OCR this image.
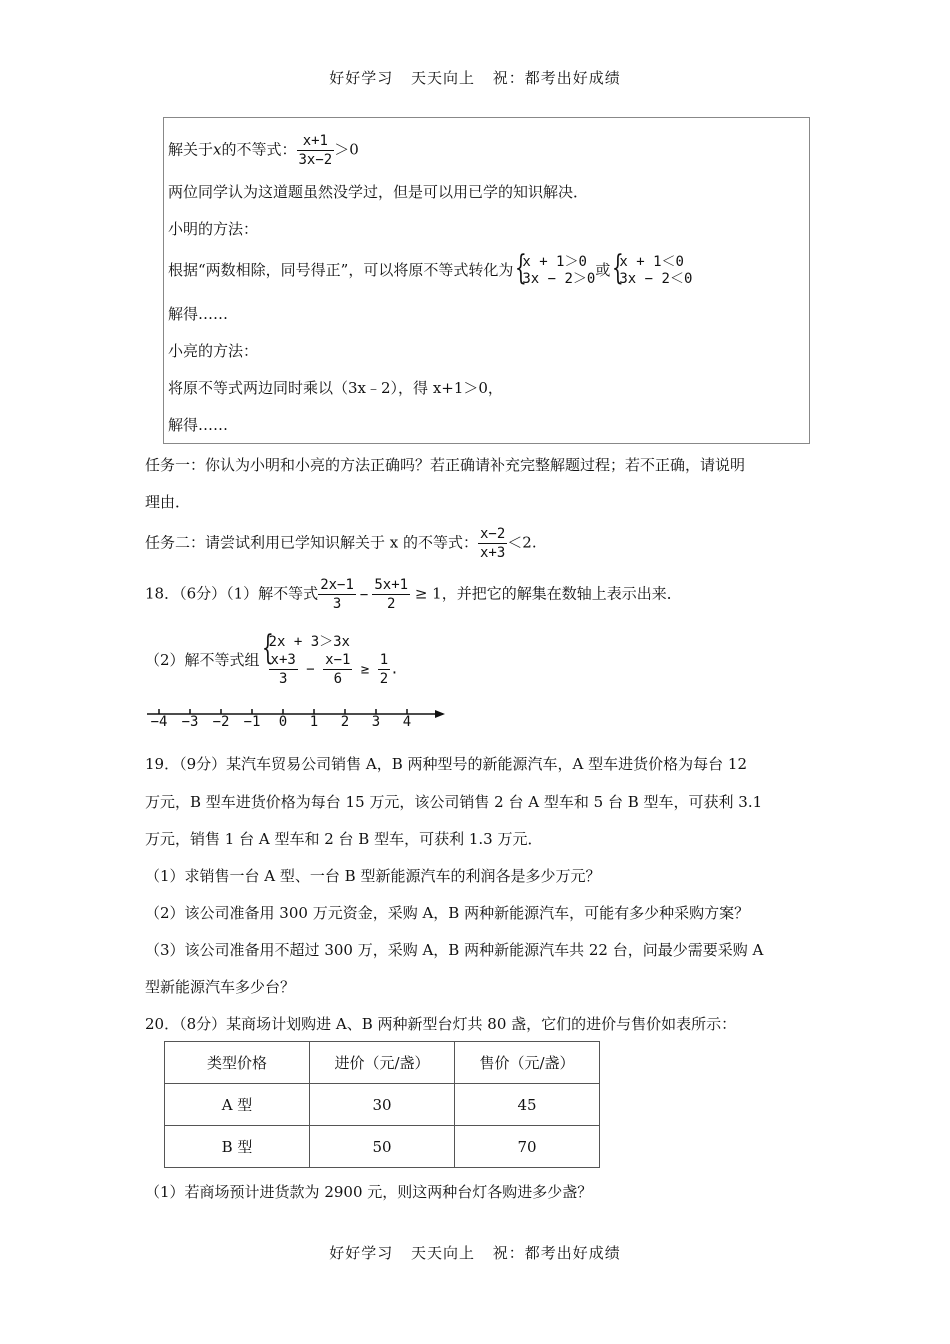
好好学习 天天向上 祝：都考出好成绩
解关于x的不等式： $\frac{x+1}{3x-2} >0$
两位同学认为这道题虽然没学过，但是可以用已学的知识解决．
小明的方法：
根据“两数相除，同号得正”，可以将原不等式转化为 { x + 1＞0
3x − 2＞0 或 { x + 1＜0
3x − 2＜0
解得……
小亮的方法：
将原不等式两边同时乘以（3x﹣2），得 x+1＞0，
解得……
任务一：你认为小明和小亮的方法正确吗？若正确请补充完整解题过程；若不正确，请说明
理由．
任务二：请尝试利用已学知识解关于 x 的不等式： $\frac{x-2}{x+3} <2$.
18．（6分）（1）解不等式 $\frac{2x-1}{3} - \frac{5x+1}{2} \ge 1$，并把它的解集在数轴上表示出来．
（2）解不等式组
{ 2x + 3＞3x
$\frac{x+3}{3} - \frac{x-1}{6} \ge \frac{1}{2}$ .
−4 −3 −2 −1 0 1 2 3 4
19．（9分）某汽车贸易公司销售 A，B 两种型号的新能源汽车，A 型车进货价格为每台 12
万元，B 型车进货价格为每台 15 万元，该公司销售 2 台 A 型车和 5 台 B 型车，可获利 3.1
万元，销售 1 台 A 型车和 2 台 B 型车，可获利 1.3 万元．
（1）求销售一台 A 型、一台 B 型新能源汽车的利润各是多少万元？
（2）该公司准备用 300 万元资金，采购 A，B 两种新能源汽车，可能有多少种采购方案？
（3）该公司准备用不超过 300 万，采购 A，B 两种新能源汽车共 22 台，问最少需要采购 A
型新能源汽车多少台？
20．（8分）某商场计划购进 A、B 两种新型台灯共 80 盏，它们的进价与售价如表所示：
类型价格	进价（元/盏）	售价（元/盏）
A 型	30	45
B 型	50	70
（1）若商场预计进货款为 2900 元，则这两种台灯各购进多少盏？
好好学习 天天向上 祝：都考出好成绩
